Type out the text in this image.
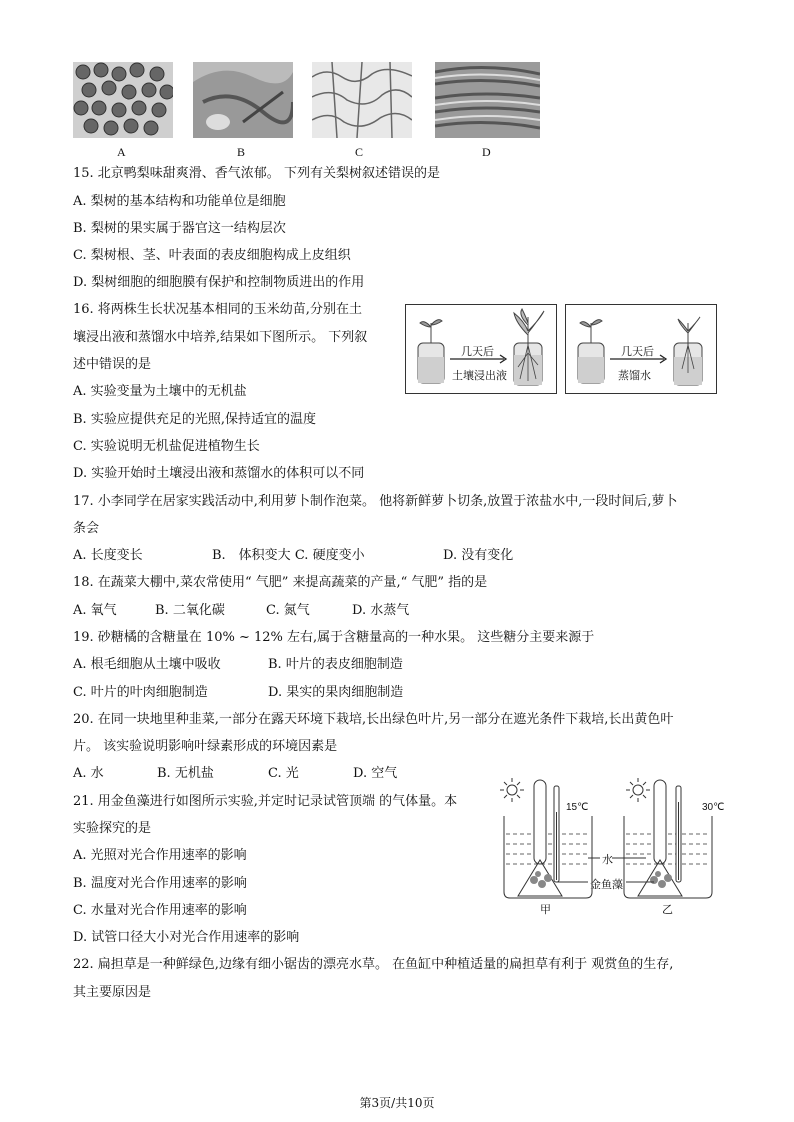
A	B	C	D
15. 北京鸭梨味甜爽滑、香气浓郁。 下列有关梨树叙述错误的是
A. 梨树的基本结构和功能单位是细胞
B. 梨树的果实属于器官这一结构层次
C. 梨树根、茎、叶表面的表皮细胞构成上皮组织
D. 梨树细胞的细胞膜有保护和控制物质进出的作用
16. 将两株生长状况基本相同的玉米幼苗,分别在土
壤浸出液和蒸馏水中培养,结果如下图所示。 下列叙
述中错误的是
A. 实验变量为土壤中的无机盐
B. 实验应提供充足的光照,保持适宜的温度
C. 实验说明无机盐促进植物生长
D. 实验开始时土壤浸出液和蒸馏水的体积可以不同
几天后
土壤浸出液
几天后
蒸馏水
17. 小李同学在居家实践活动中,利用萝卜制作泡菜。 他将新鲜萝卜切条,放置于浓盐水中,一段时间后,萝卜
条会
A. 长度变长	B.　体积变大 C. 硬度变小	D. 没有变化
18. 在蔬菜大棚中,菜农常使用“ 气肥” 来提高蔬菜的产量,“ 气肥” 指的是
A. 氧气	B. 二氧化碳	C. 氮气	D. 水蒸气
19. 砂糖橘的含糖量在 10% ~ 12% 左右,属于含糖量高的一种水果。 这些糖分主要来源于
A. 根毛细胞从土壤中吸收	B. 叶片的表皮细胞制造
C. 叶片的叶肉细胞制造	D. 果实的果肉细胞制造
20. 在同一块地里种韭菜,一部分在露天环境下栽培,长出绿色叶片,另一部分在遮光条件下栽培,长出黄色叶
片。 该实验说明影响叶绿素形成的环境因素是
A. 水	B. 无机盐	C. 光	D. 空气
21. 用金鱼藻进行如图所示实验,并定时记录试管顶端 的气体量。本
实验探究的是
A. 光照对光合作用速率的影响
B. 温度对光合作用速率的影响
C. 水量对光合作用速率的影响
D. 试管口径大小对光合作用速率的影响
15℃	30℃
水
金鱼藻
甲	乙
22. 扁担草是一种鲜绿色,边缘有细小锯齿的漂亮水草。 在鱼缸中种植适量的扁担草有利于 观赏鱼的生存,
其主要原因是
第3页/共10页
